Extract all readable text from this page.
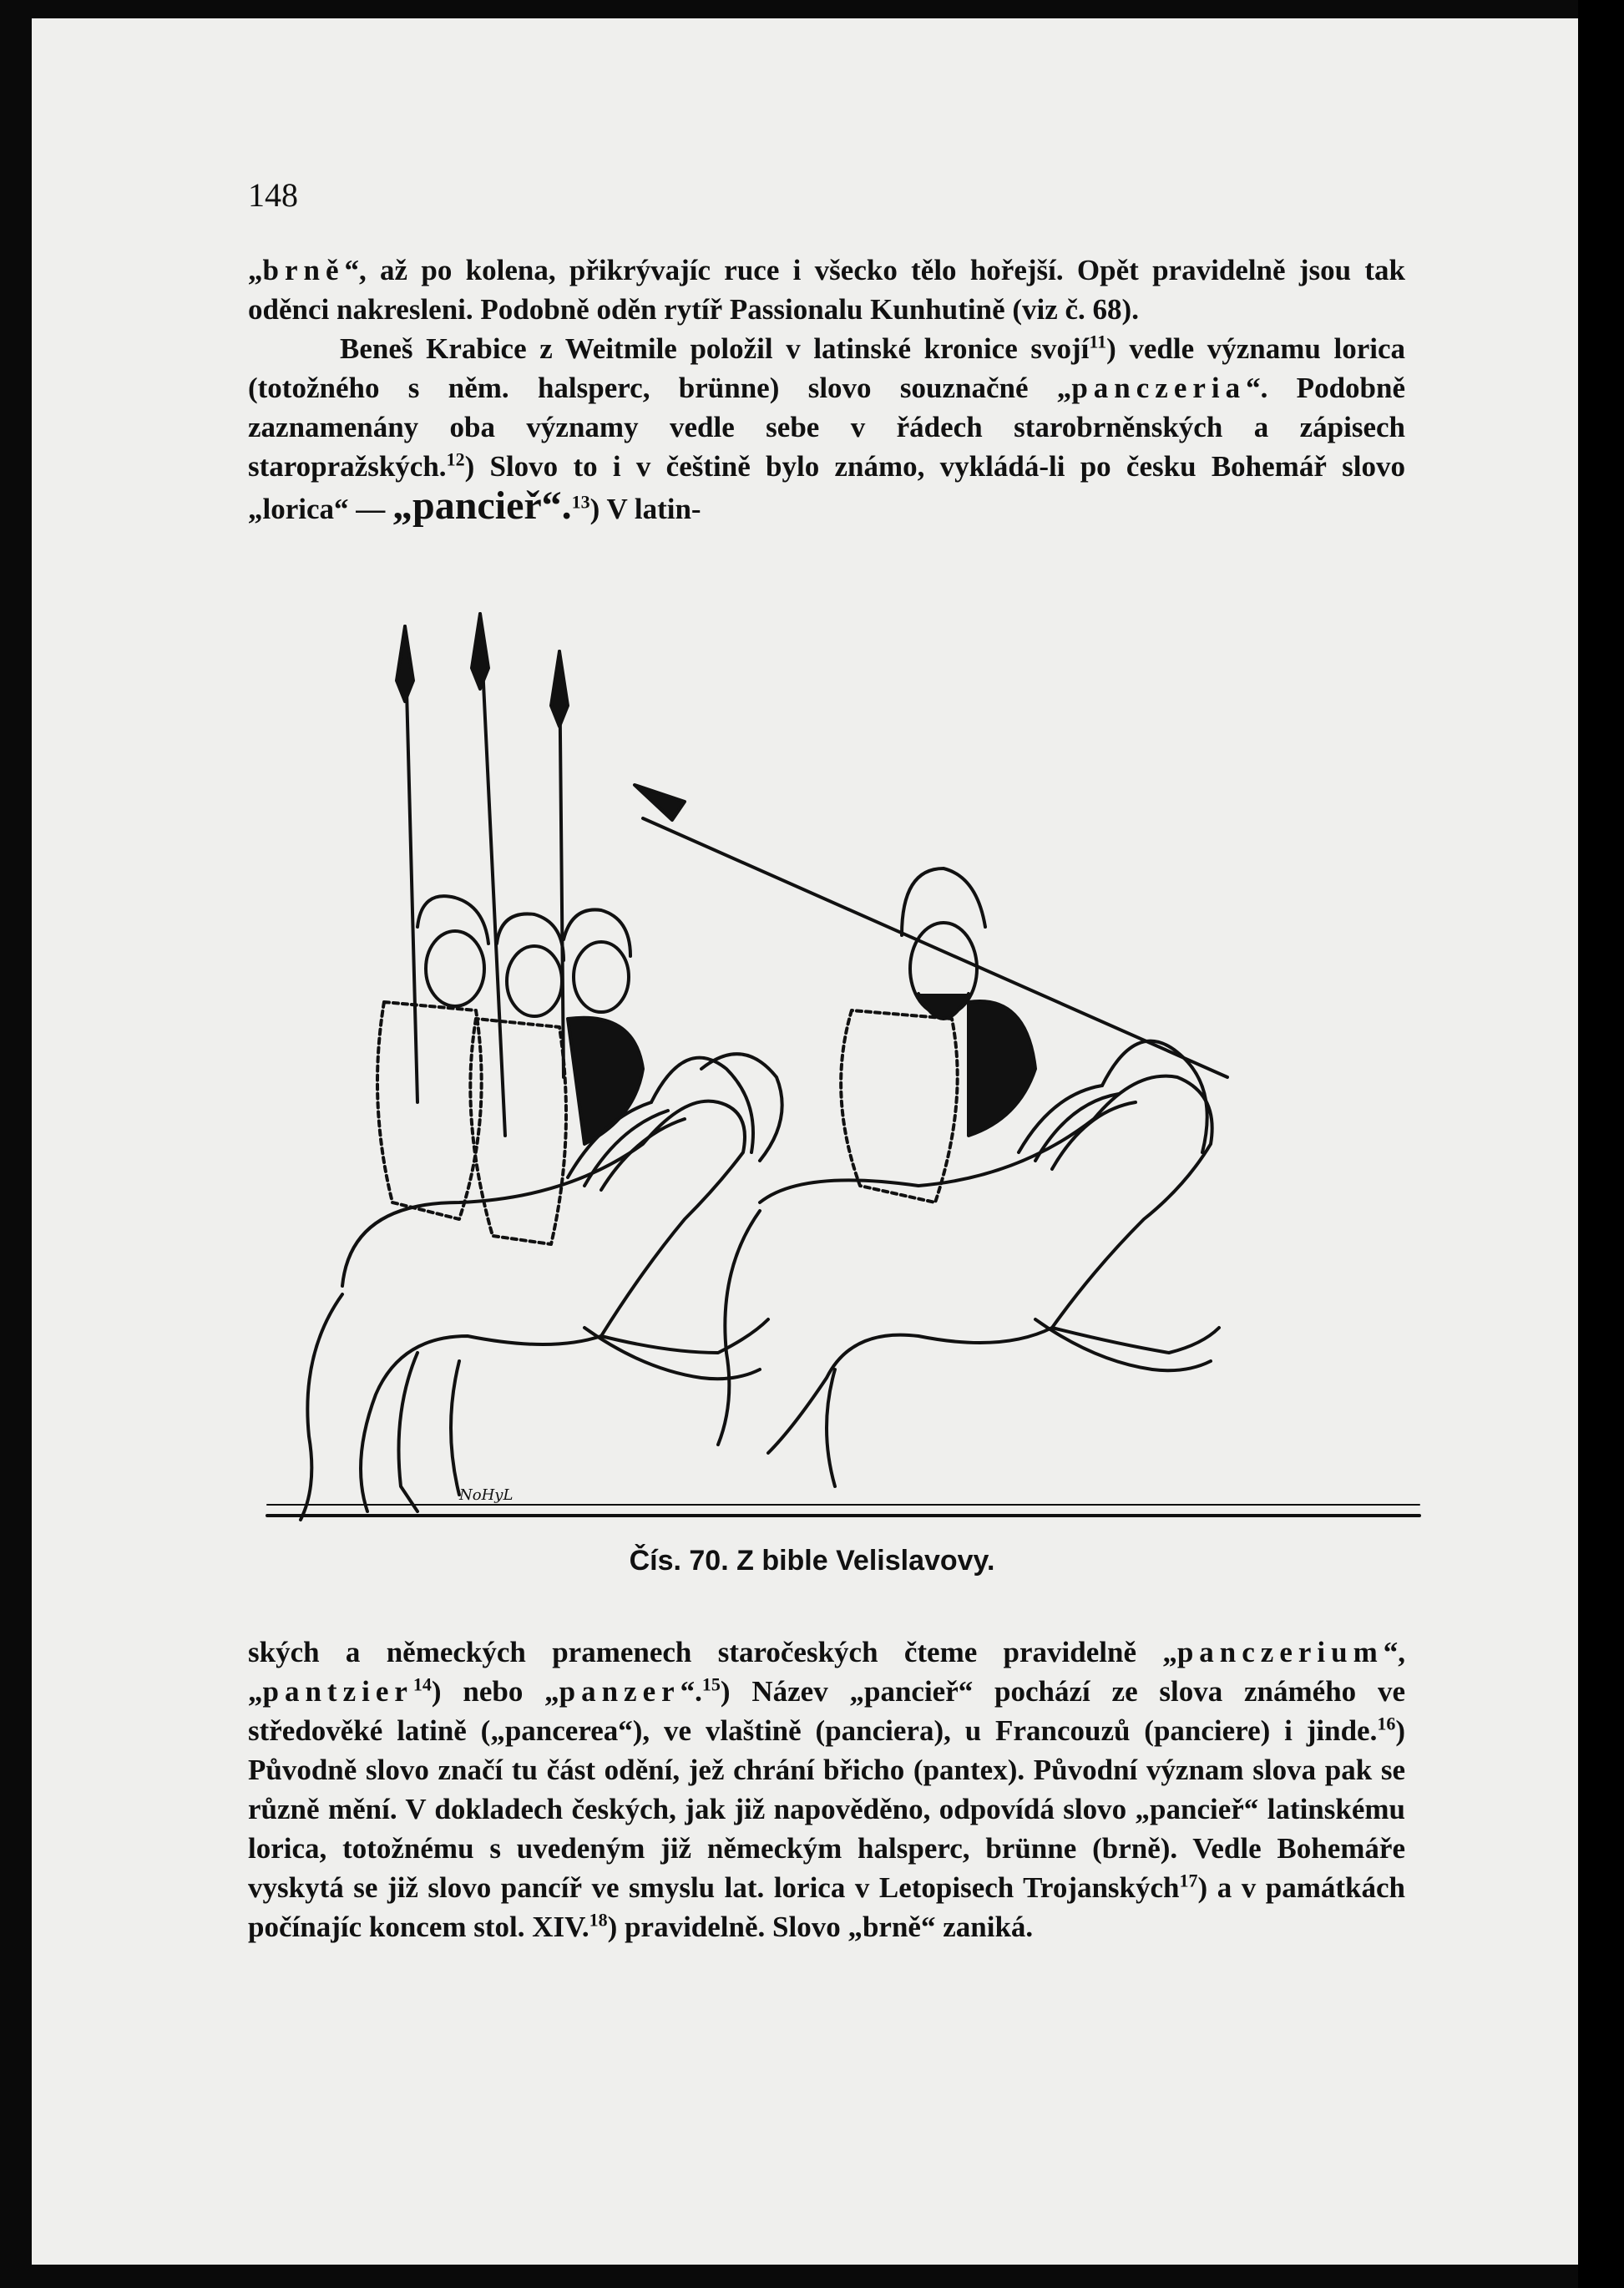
148

„brně“, až po kolena, přikrývajíc ruce i všecko tělo hořejší. Opět pravidelně jsou tak oděnci nakresleni. Podobně oděn rytíř Passionalu Kunhutině (viz č. 68).

Beneš Krabice z Weitmile položil v latinské kronice svojí$^{11}$) vedle významu lorica (totožného s něm. halsperc, brünne) slovo souznačné „panczeria“. Podobně zaznamenány oba významy vedle sebe v řádech starobrněnských a zápisech staropražských.$^{12}$) Slovo to i v češtině bylo známo, vykládá-li po česku Bohemář slovo „lorica“ — „pancieř“.$^{13}$) V latin-

NoHyL
Čís. 70. Z bible Velislavovy.

ských a německých pramenech staročeských čteme pravidelně „panczerium“, „pantzier$^{14}$) nebo „panzer“.$^{15}$) Název „pancieř“ pochází ze slova známého ve středověké latině („pancerea“), ve vlaštině (panciera), u Francouzů (panciere) i jinde.$^{16}$) Původně slovo značí tu část odění, jež chrání břicho (pantex). Původní význam slova pak se různě mění. V dokladech českých, jak již napověděno, odpovídá slovo „pancieř“ latinskému lorica, totožnému s uvedeným již německým halsperc, brünne (brně). Vedle Bohemáře vyskytá se již slovo pancíř ve smyslu lat. lorica v Letopisech Trojanských$^{17}$) a v památkách počínajíc koncem stol. XIV.$^{18}$) pravidelně. Slovo „brně“ zaniká.
